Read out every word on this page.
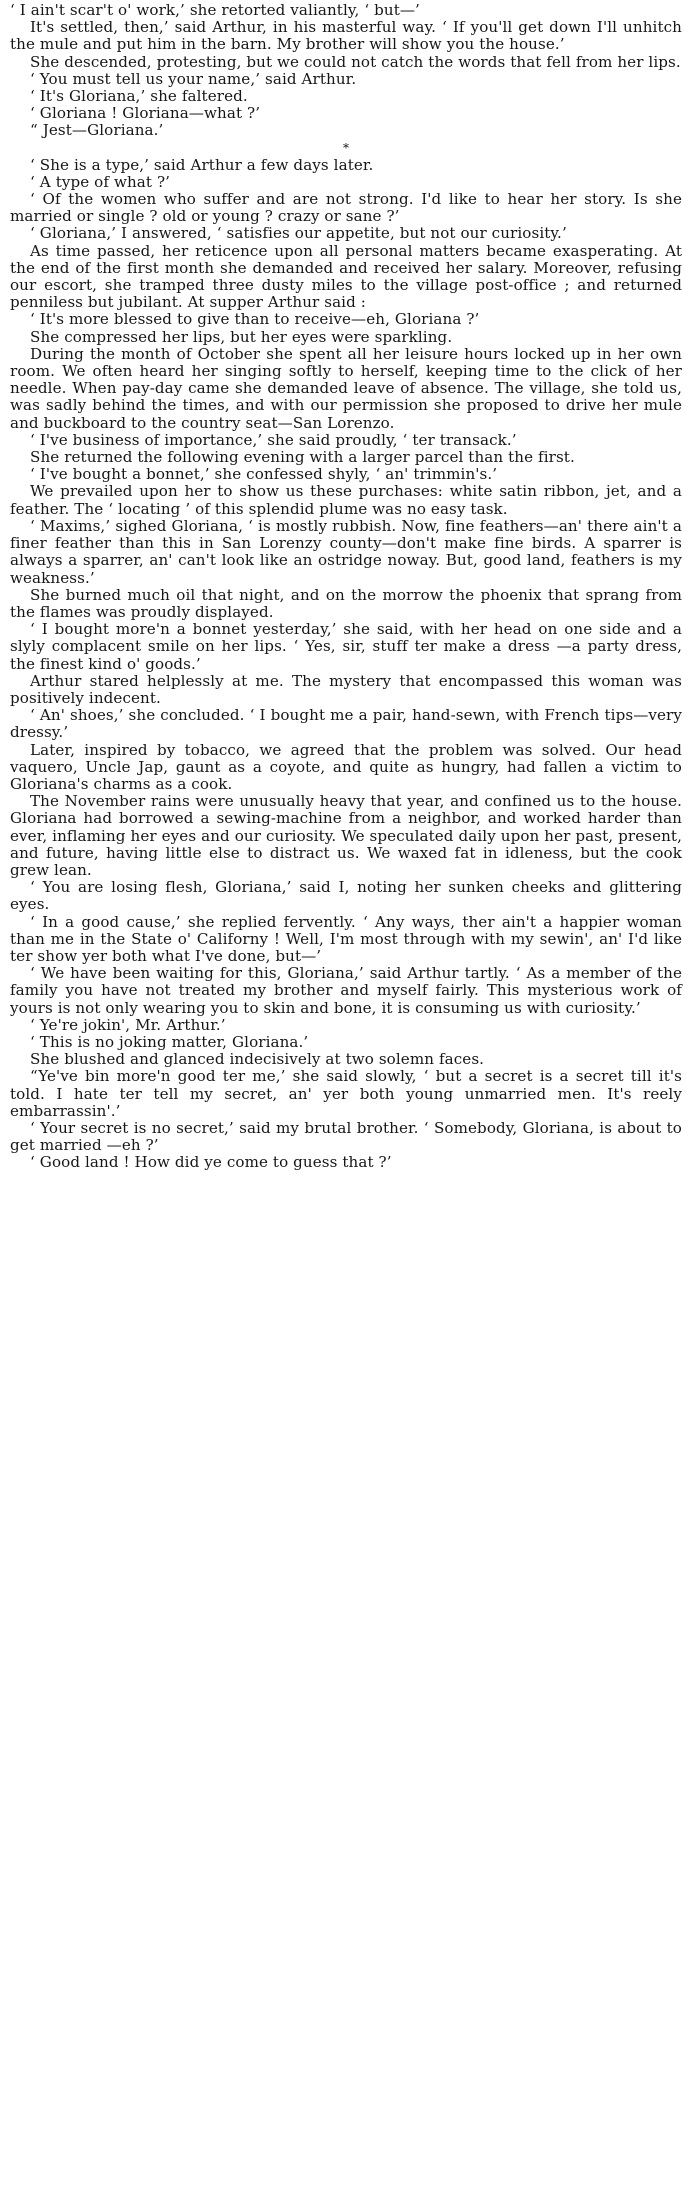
‘ I ain't scar't o' work,’ she retorted valiantly, ‘ but—’

It's settled, then,’ said Arthur, in his masterful way. ‘ If you'll get down I'll unhitch the mule and put him in the barn. My brother will show you the house.’

She descended, protesting, but we could not catch the words that fell from her lips.

‘ You must tell us your name,’ said Arthur.

‘ It's Gloriana,’ she faltered.

‘ Gloriana ! Gloriana—what ?’

“ Jest—Gloriana.’

*

‘ She is a type,’ said Arthur a few days later.

‘ A type of what ?’

‘ Of the women who suffer and are not strong. I'd like to hear her story. Is she married or single ? old or young ? crazy or sane ?’

‘ Gloriana,’ I answered, ‘ satisfies our appetite, but not our curiosity.’

As time passed, her reticence upon all personal matters became exasperating. At the end of the first month she demanded and received her salary. Moreover, refusing our escort, she tramped three dusty miles to the village post-office ; and returned penniless but jubilant. At supper Arthur said :

‘ It's more blessed to give than to receive—eh, Gloriana ?’

She compressed her lips, but her eyes were sparkling.

During the month of October she spent all her leisure hours locked up in her own room. We often heard her singing softly to herself, keeping time to the click of her needle. When pay-day came she demanded leave of absence. The village, she told us, was sadly behind the times, and with our permission she proposed to drive her mule and buckboard to the country seat—San Lorenzo.

‘ I've business of importance,’ she said proudly, ‘ ter transack.’

She returned the following evening with a larger parcel than the first.

‘ I've bought a bonnet,’ she confessed shyly, ‘ an' trimmin's.’

We prevailed upon her to show us these purchases: white satin ribbon, jet, and a feather. The ‘ locating ’ of this splendid plume was no easy task.

‘ Maxims,’ sighed Gloriana, ‘ is mostly rubbish. Now, fine feathers—an' there ain't a finer feather than this in San Lorenzy county—don't make fine birds. A sparrer is always a sparrer, an' can't look like an ostridge noway. But, good land, feathers is my weakness.’

She burned much oil that night, and on the morrow the phoenix that sprang from the flames was proudly displayed.

‘ I bought more'n a bonnet yesterday,’ she said, with her head on one side and a slyly complacent smile on her lips. ‘ Yes, sir, stuff ter make a dress —a party dress, the finest kind o' goods.’

Arthur stared helplessly at me. The mystery that encompassed this woman was positively indecent.

‘ An' shoes,’ she concluded. ‘ I bought me a pair, hand-sewn, with French tips—very dressy.’

Later, inspired by tobacco, we agreed that the problem was solved. Our head vaquero, Uncle Jap, gaunt as a coyote, and quite as hungry, had fallen a victim to Gloriana's charms as a cook.

The November rains were unusually heavy that year, and confined us to the house. Gloriana had borrowed a sewing-machine from a neighbor, and worked harder than ever, inflaming her eyes and our curiosity. We speculated daily upon her past, present, and future, having little else to distract us. We waxed fat in idleness, but the cook grew lean.

‘ You are losing flesh, Gloriana,’ said I, noting her sunken cheeks and glittering eyes.

‘ In a good cause,’ she replied fervently. ‘ Any ways, ther ain't a happier woman than me in the State o' Californy ! Well, I'm most through with my sewin', an' I'd like ter show yer both what I've done, but—’

‘ We have been waiting for this, Gloriana,’ said Arthur tartly. ‘ As a member of the family you have not treated my brother and myself fairly. This mysterious work of yours is not only wearing you to skin and bone, it is consuming us with curiosity.’

‘ Ye're jokin', Mr. Arthur.’

‘ This is no joking matter, Gloriana.’

She blushed and glanced indecisively at two solemn faces.

“Ye've bin more'n good ter me,’ she said slowly, ‘ but a secret is a secret till it's told. I hate ter tell my secret, an' yer both young unmarried men. It's reely embarrassin'.’

‘ Your secret is no secret,’ said my brutal brother. ‘ Somebody, Gloriana, is about to get married —eh ?’

‘ Good land ! How did ye come to guess that ?’
